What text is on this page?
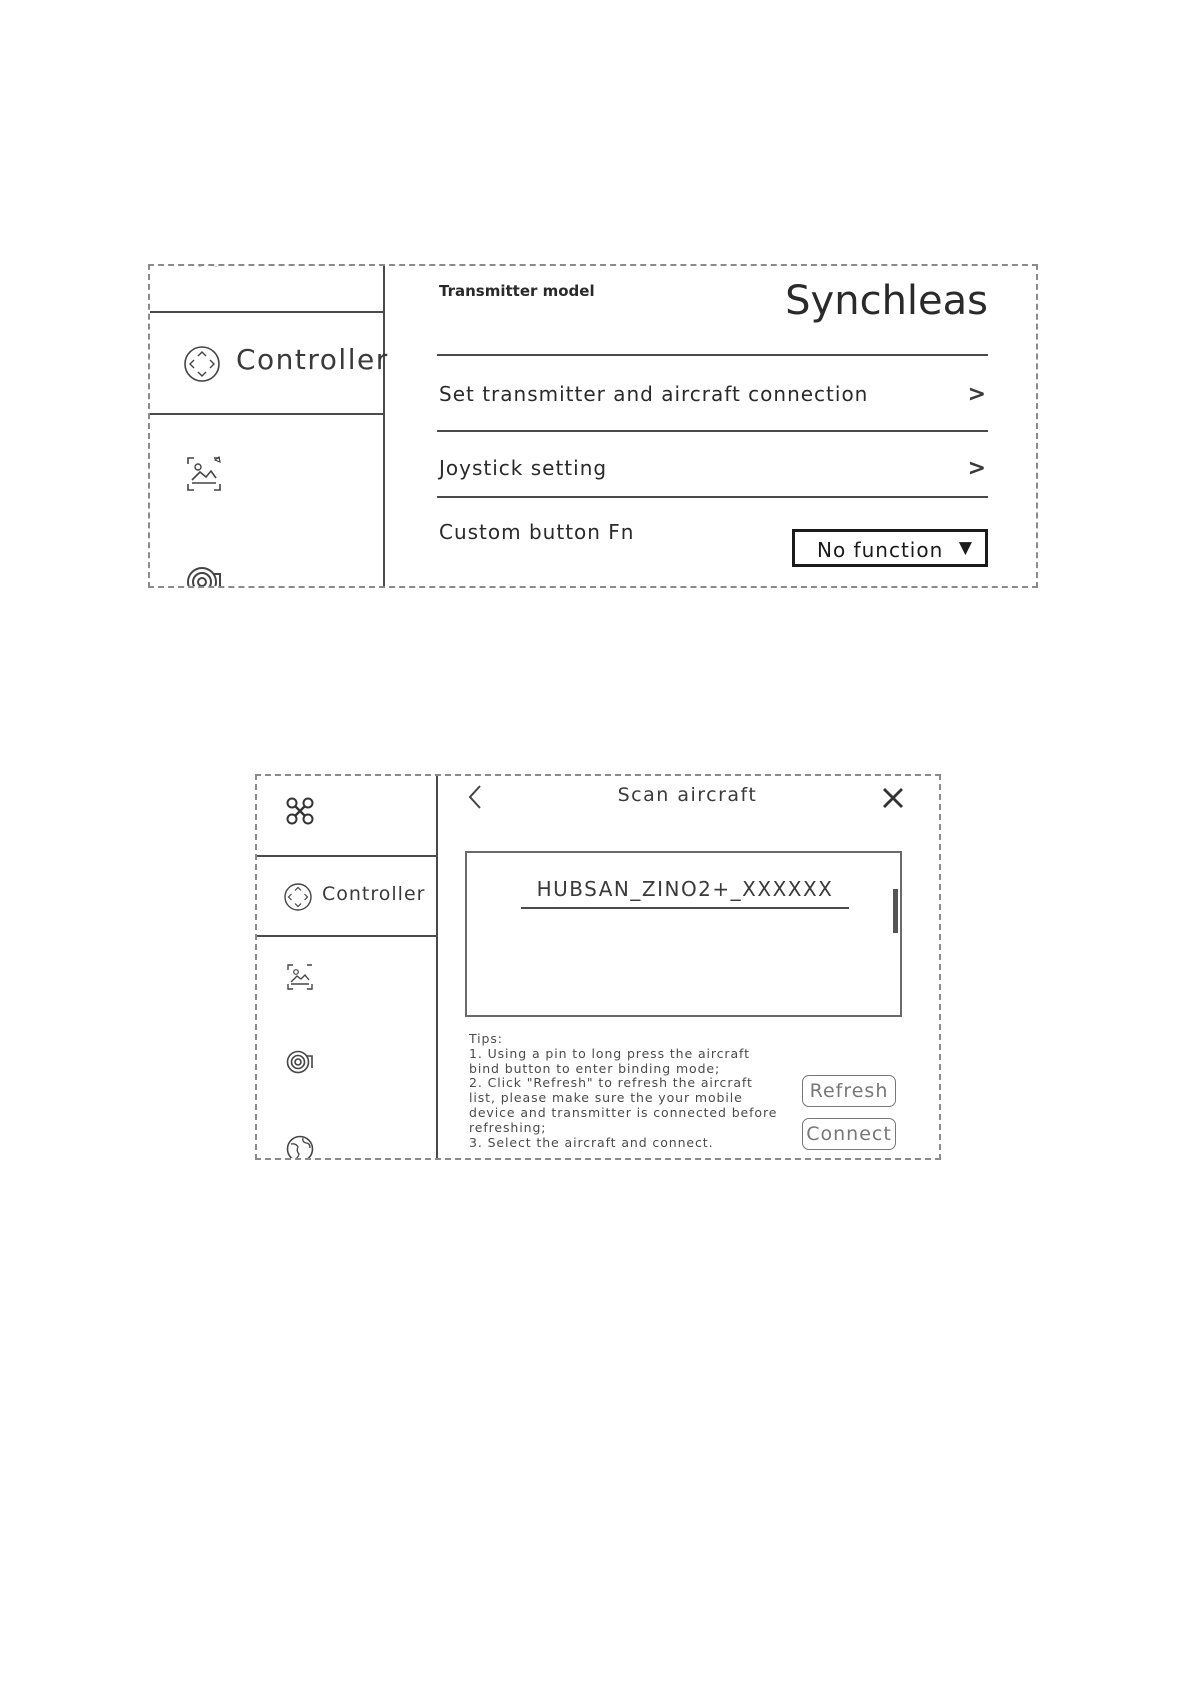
Controller
Transmitter model	Synchleas
Set transmitter and aircraft connection	>
Joystick setting	>
Custom button Fn
No function ▼
Controller
Scan aircraft
HUBSAN_ZINO2+_XXXXXX
Tips:
1. Using a pin to long press the aircraft
bind button to enter binding mode;
2. Click "Refresh" to refresh the aircraft
list, please make sure the your mobile
device and transmitter is connected before
refreshing;
3. Select the aircraft and connect.
Refresh
Connect
